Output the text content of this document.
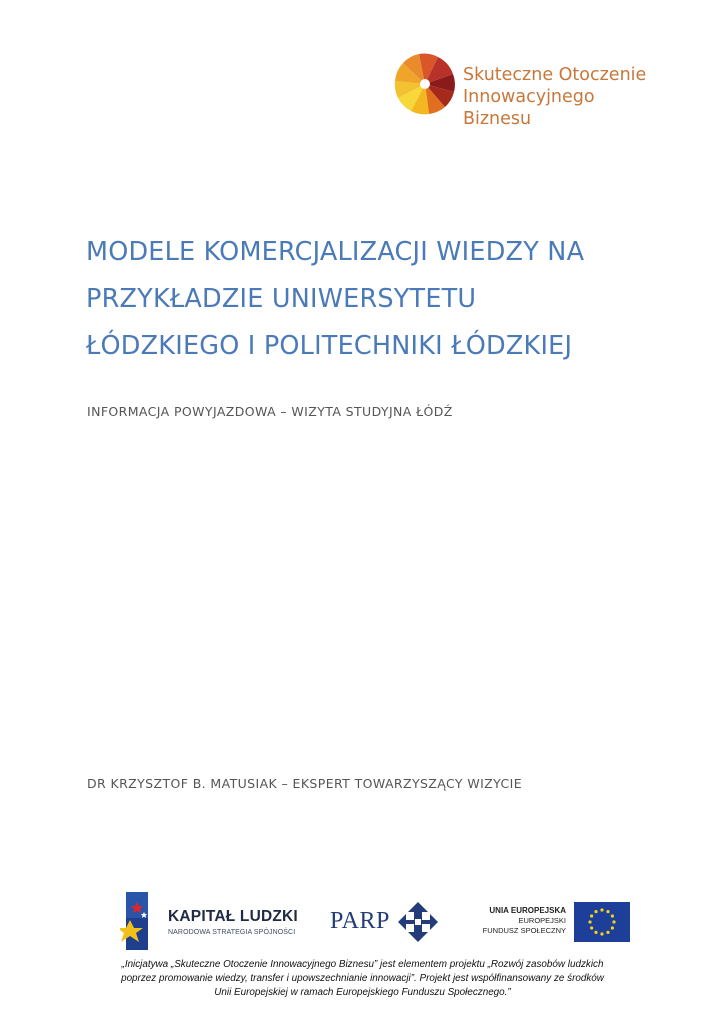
Skuteczne Otoczenie
Innowacyjnego Biznesu
MODELE KOMERCJALIZACJI WIEDZY NA
PRZYKŁADZIE UNIWERSYTETU
ŁÓDZKIEGO I POLITECHNIKI ŁÓDZKIEJ
INFORMACJA POWYJAZDOWA – WIZYTA STUDYJNA ŁÓDŹ
DR KRZYSZTOF B. MATUSIAK – EKSPERT TOWARZYSZĄCY WIZYCIE
KAPITAŁ LUDZKI
NARODOWA STRATEGIA SPÓJNOŚCI PARP	UNIA EUROPEJSKA
EUROPEJSKI
FUNDUSZ SPOŁECZNY
„Inicjatywa „Skuteczne Otoczenie Innowacyjnego Biznesu” jest elementem projektu „Rozwój zasobów ludzkich
poprzez promowanie wiedzy, transfer i upowszechnianie innowacji”. Projekt jest współfinansowany ze środków
Unii Europejskiej w ramach Europejskiego Funduszu Społecznego.”
